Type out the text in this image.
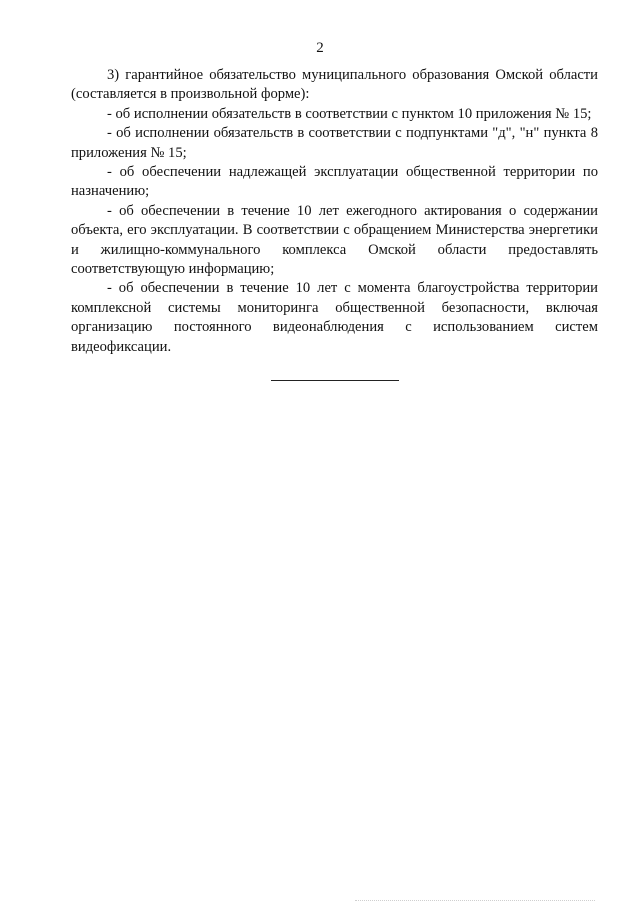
2

3) гарантийное обязательство муниципального образования Омской области (составляется в произвольной форме):

- об исполнении обязательств в соответствии с пунктом 10 приложения № 15;

- об исполнении обязательств в соответствии с подпунктами "д", "н" пункта 8 приложения № 15;

- об обеспечении надлежащей эксплуатации общественной территории по назначению;

- об обеспечении в течение 10 лет ежегодного актирования о содержании объекта, его эксплуатации. В соответствии с обращением Министерства энергетики и жилищно-коммунального комплекса Омской области предоставлять соответствующую информацию;

- об обеспечении в течение 10 лет с момента благоустройства территории комплексной системы мониторинга общественной безопасности, включая организацию постоянного видеонаблюдения с использованием систем видеофиксации.
